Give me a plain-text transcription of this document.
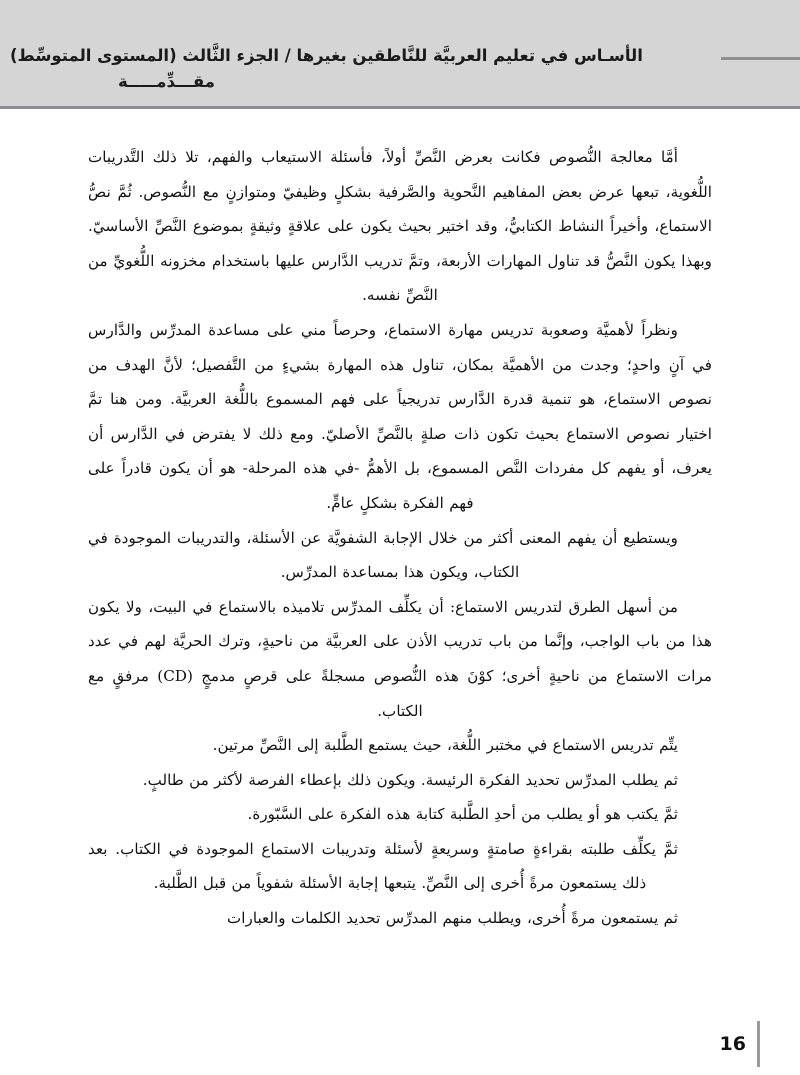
الأسـاس في تعليم العربيَّة للنَّاطقين بغيرها / الجزء الثَّالث (المستوى المتوسِّط)
مقـــدِّمـــــة

أمَّا معالجة النُّصوص فكانت بعرض النَّصِّ أولاً، فأسئلة الاستيعاب والفهم، تلا ذلك التَّدريبات اللُّغوية، تبعها عرض بعض المفاهيم النَّحوية والصَّرفية بشكلٍ وظيفيّ ومتوازنٍ مع النُّصوص. ثُمَّ نصُّ الاستماع، وأخيراً النشاط الكتابيُّ، وقد اختير بحيث يكون على علاقةٍ وثيقةٍ بموضوع النَّصِّ الأساسيّ. وبهذا يكون النَّصُّ قد تناول المهارات الأربعة، وتمَّ تدريب الدَّارس عليها باستخدام مخزونه اللُّغويِّ من النَّصِّ نفسه.

ونظراً لأهميَّة وصعوبة تدريس مهارة الاستماع، وحرصاً مني على مساعدة المدرِّس والدَّارس في آنٍ واحدٍ؛ وجدت من الأهميَّة بمكان، تناول هذه المهارة بشيءٍ من التَّفصيل؛ لأنَّ الهدف من نصوص الاستماع، هو تنمية قدرة الدَّارس تدريجياً على فهم المسموع باللُّغة العربيَّة. ومن هنا تمَّ اختيار نصوص الاستماع بحيث تكون ذات صلةٍ بالنَّصِّ الأصليّ. ومع ذلك لا يفترض في الدَّارس أن يعرف، أو يفهم كل مفردات النَّص المسموع، بل الأهمُّ -في هذه المرحلة- هو أن يكون قادراً على فهم الفكرة بشكلٍ عامٍّ.

ويستطيع أن يفهم المعنى أكثر من خلال الإجابة الشفويَّة عن الأسئلة، والتدريبات الموجودة في الكتاب، ويكون هذا بمساعدة المدرِّس.

من أسهل الطرق لتدريس الاستماع: أن يكلِّف المدرِّس تلاميذه بالاستماع في البيت، ولا يكون هذا من باب الواجب، وإنَّما من باب تدريب الأذن على العربيَّة من ناحيةٍ، وترك الحريَّة لهم في عدد مرات الاستماع من ناحيةٍ أخرى؛ كوْنَ هذه النُّصوص مسجلةً على قرصٍ مدمجٍ (CD) مرفقٍ مع الكتاب.

يتِّم تدريس الاستماع في مختبر اللُّغة، حيث يستمع الطَّلبة إلى النَّصِّ مرتين.

ثم يطلب المدرِّس تحديد الفكرة الرئيسة. ويكون ذلك بإعطاء الفرصة لأكثر من طالبٍ.

ثمَّ يكتب هو أو يطلب من أحدِ الطَّلبة كتابة هذه الفكرة على السَّبّورة.

ثمَّ يكلِّف طلبته بقراءةٍ صامتةٍ وسريعةٍ لأسئلة وتدريبات الاستماع الموجودة في الكتاب. بعد ذلك يستمعون مرةً أُخرى إلى النَّصِّ. يتبعها إجابة الأسئلة شفوياً من قبل الطَّلبة.

ثم يستمعون مرةً أُخرى، ويطلب منهم المدرِّس تحديد الكلمات والعبارات

16
